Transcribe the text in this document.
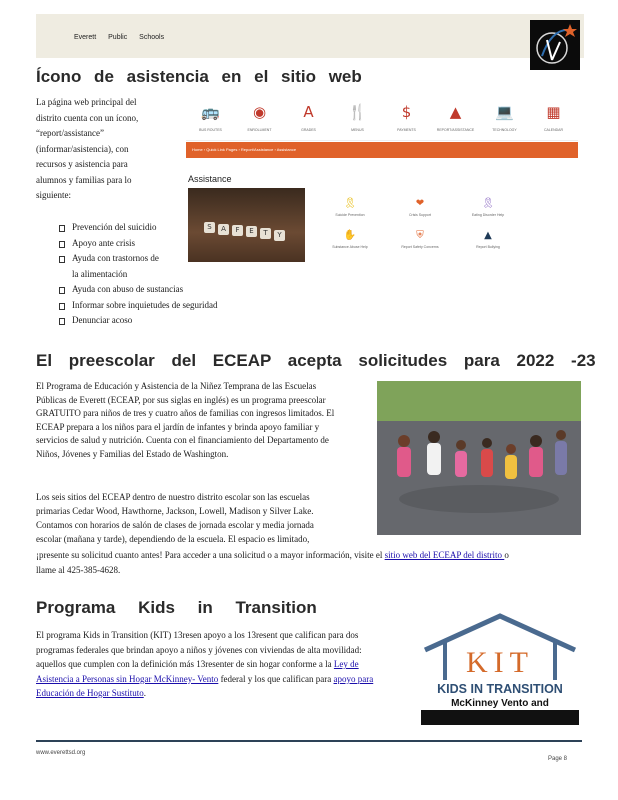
Everett Public Schools
Ícono de asistencia en el sitio web
La página web principal del
distrito cuenta con un ícono,
“report/assistance”
(informar/asistencia), con
recursos y asistencia para
alumnos y familias para lo
siguiente:
Prevención del suicidio
Apoyo ante crisis
Ayuda con trastornos de
la alimentación
Ayuda con abuso de sustancias
Informar sobre inquietudes de seguridad
Denunciar acoso
🚌
BUS ROUTES
◉
ENROLLMENT
A
GRADES
🍴
MENUS
$
PAYMENTS
▲
REPORT/ASSISTANCE
💻
TECHNOLOGY
▦
CALENDAR
Home › Quick Link Pages › Report/Assistance › Assistance
Assistance
S	A	F	E	T	Y
🎗
Suicide Prevention
❤
Crisis Support
🎗
Eating Disorder Help
✋
Substance Abuse Help
⛨
Report Safety Concerns
▲
Report Bullying
El preescolar del ECEAP acepta solicitudes para 2022 -23
El Programa de Educación y Asistencia de la Niñez Temprana de las Escuelas
Públicas de Everett (ECEAP, por sus siglas en inglés) es un programa preescolar
GRATUITO para niños de tres y cuatro años de familias con ingresos limitados. El
ECEAP prepara a los niños para el jardín de infantes y brinda apoyo familiar y
servicios de salud y nutrición. Cuenta con el financiamiento del Departamento de
Niños, Jóvenes y Familias del Estado de Washington.
Los seis sitios del ECEAP dentro de nuestro distrito escolar son las escuelas
primarias Cedar Wood, Hawthorne, Jackson, Lowell, Madison y Silver Lake.
Contamos con horarios de salón de clases de jornada escolar y media jornada
escolar (mañana y tarde), dependiendo de la escuela. El espacio es limitado,
¡presente su solicitud cuanto antes! Para acceder a una solicitud o a mayor información, visite el sitio web del ECEAP del distrito o
llame al 425-385-4628.
Programa Kids in Transition
El programa Kids in Transition (KIT) 13resen apoyo a los 13resent que califican para dos
programas federales que brindan apoyo a niños y jóvenes con viviendas de alta movilidad:
aquellos que cumplen con la definición más 13resenter de sin hogar conforme a la Ley de
Asistencia a Personas sin Hogar McKinney- Vento federal y los que califican para apoyo para
Educación de Hogar Sustituto.
KIT
KIDS IN TRANSITION
McKinney Vento and
www.everettsd.org
Page 8
